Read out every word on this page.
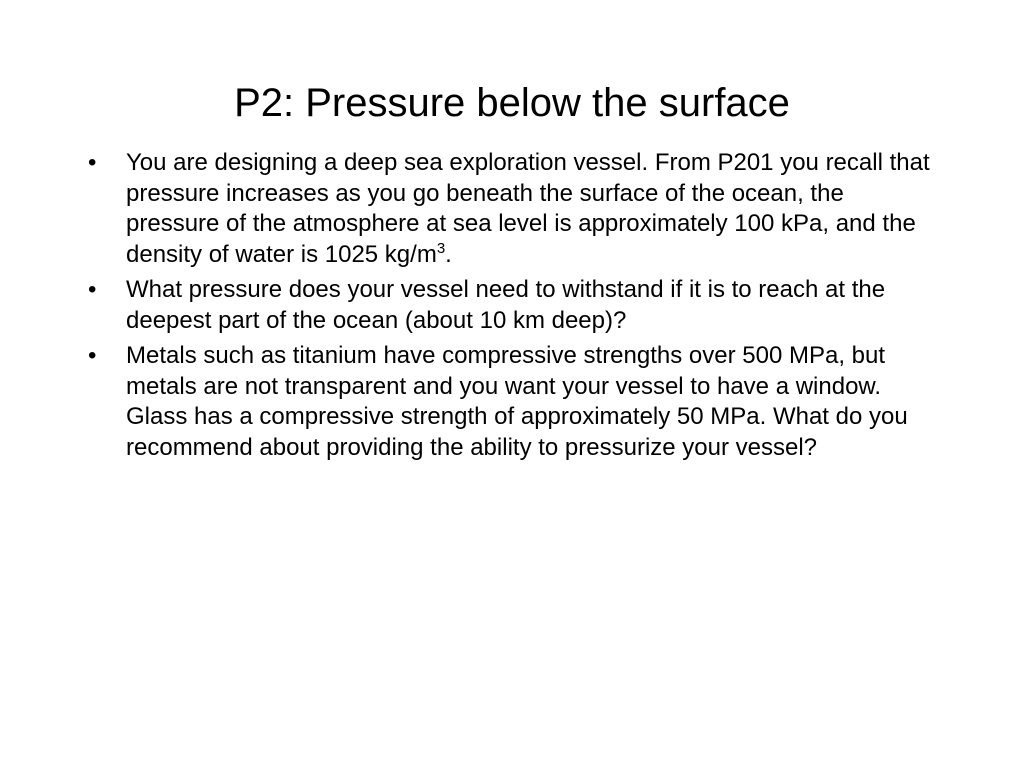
P2: Pressure below the surface
•	You are designing a deep sea exploration vessel. From P201 you recall that pressure increases as you go beneath the surface of the ocean, the pressure of the atmosphere at sea level is approximately 100 kPa, and the density of water is 1025 $kg/m^3$.
•	What pressure does your vessel need to withstand if it is to reach at the deepest part of the ocean (about 10 km deep)?
•	Metals such as titanium have compressive strengths over 500 MPa, but metals are not transparent and you want your vessel to have a window. Glass has a compressive strength of approximately 50 MPa. What do you recommend about providing the ability to pressurize your vessel?
